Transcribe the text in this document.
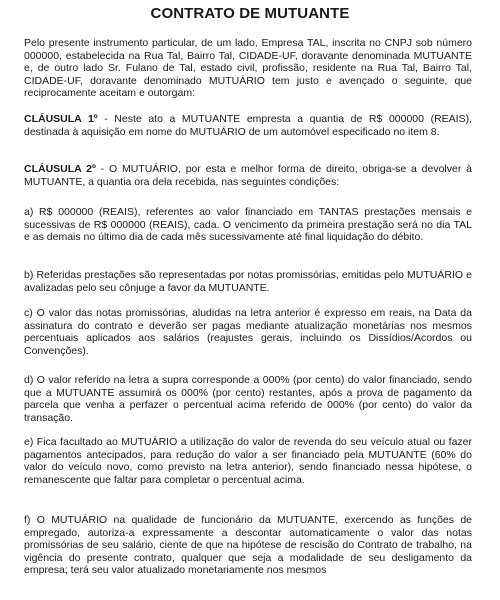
CONTRATO DE MUTUANTE

Pelo presente instrumento particular, de um lado, Empresa TAL, inscrita no CNPJ sob número 000000, estabelecida na Rua Tal, Bairro Tal, CIDADE-UF, doravante denominada MUTUANTE e, de outro lado Sr. Fulano de Tal, estado civil, profissão, residente na Rua Tal, Bairro Tal, CIDADE-UF, doravante denominado MUTUÁRIO tem justo e avençado o seguinte, que reciprocamente aceitam e outorgam:

CLÁUSULA 1º - Neste ato a MUTUANTE empresta a quantia de R$ 000000 (REAIS), destinada à aquisição em nome do MUTUÁRIO de um automóvel especificado no item 8.

CLÁUSULA 2º - O MUTUÁRIO, por esta e melhor forma de direito, obriga-se a devolver à MUTUANTE, a quantia ora dela recebida, nas seguintes condições:

a) R$ 000000 (REAIS), referentes ao valor financiado em TANTAS prestações mensais e sucessivas de R$ 000000 (REAIS), cada. O vencimento da primeira prestação será no dia TAL e as demais no último dia de cada mês sucessivamente até final liquidação do débito.

b) Referidas prestações são representadas por notas promissórias, emitidas pelo MUTUÁRIO e avalizadas pelo seu cônjuge a favor da MUTUANTE.

c) O valor das notas promissórias, aludidas na letra anterior é expresso em reais, na Data da assinatura do contrato e deverão ser pagas mediante atualização monetárias nos mesmos percentuais aplicados aos salários (reajustes gerais, incluindo os Dissídios/Acordos ou Convenções).

d) O valor referido na letra a supra corresponde a 000% (por cento) do valor financiado, sendo que a MUTUANTE assumirá os 000% (por cento) restantes, após a prova de pagamento da parcela que venha a perfazer o percentual acima referido de 000% (por cento) do valor da transação.

e) Fica facultado ao MUTUÁRIO a utilização do valor de revenda do seu veículo atual ou fazer pagamentos antecipados, para redução do valor a ser financiado pela MUTUANTE (60% do valor do veículo novo, como previsto na letra anterior), sendo financiado nessa hipótese, o remanescente que faltar para completar o percentual acima.

f) O MUTUÁRIO na qualidade de funcionário da MUTUANTE, exercendo as funções de empregado, autoriza-a expressamente a descontar automaticamente o valor das notas promissórias de seu salário, ciente de que na hipótese de rescisão do Contrato de trabalho, na vigência do presente contrato, qualquer que seja a modalidade de seu desligamento da empresa; terá seu valor atualizado monetariamente nos mesmos
